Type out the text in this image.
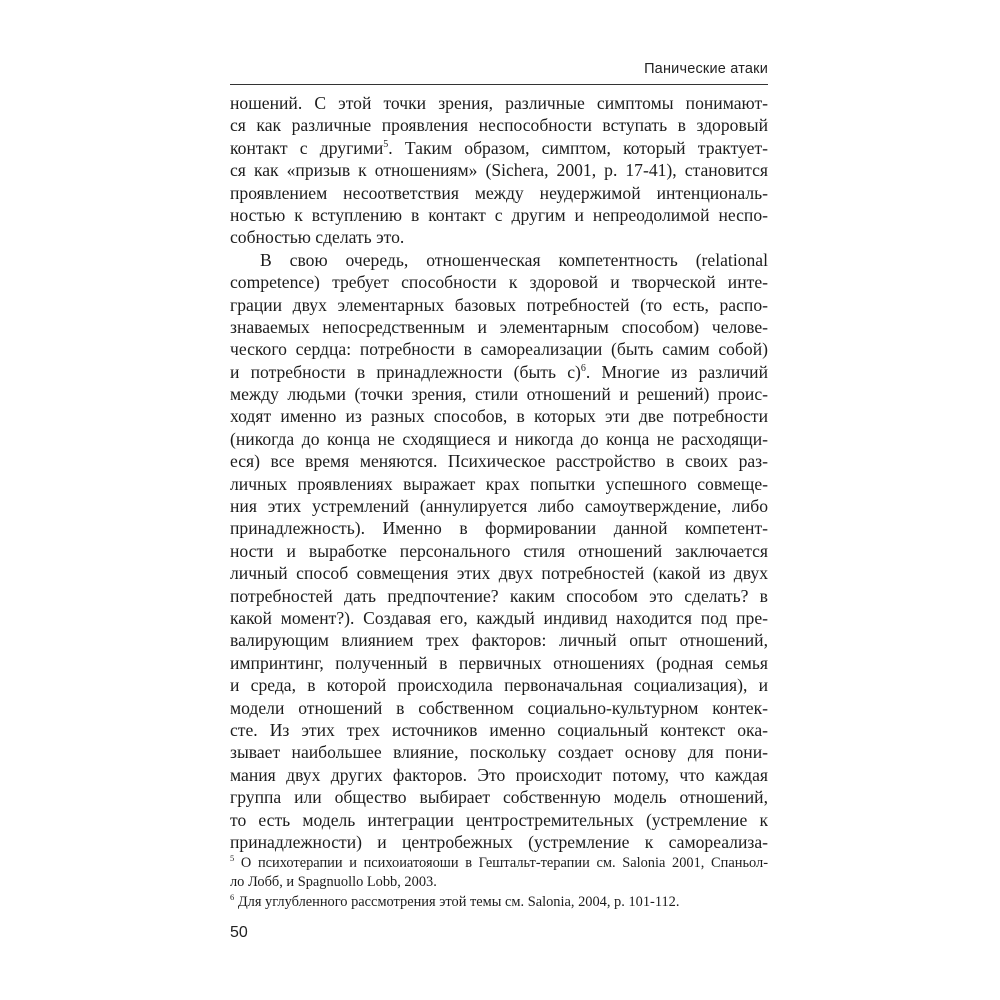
Панические атаки
ношений. С этой точки зрения, различные симптомы понимают-
ся как различные проявления неспособности вступать в здоровый
контакт с другими$^5$. Таким образом, симптом, который трактует-
ся как «призыв к отношениям» (Sichera, 2001, p. 17-41), становится
проявлением несоответствия между неудержимой интенциональ-
ностью к вступлению в контакт с другим и непреодолимой неспо-
собностью сделать это.
В свою очередь, отношенческая компетентность (relational
competence) требует способности к здоровой и творческой инте-
грации двух элементарных базовых потребностей (то есть, распо-
знаваемых непосредственным и элементарным способом) челове-
ческого сердца: потребности в самореализации (быть самим собой)
и потребности в принадлежности (быть с)$^6$. Многие из различий
между людьми (точки зрения, стили отношений и решений) проис-
ходят именно из разных способов, в которых эти две потребности
(никогда до конца не сходящиеся и никогда до конца не расходящи-
еся) все время меняются. Психическое расстройство в своих раз-
личных проявлениях выражает крах попытки успешного совмеще-
ния этих устремлений (аннулируется либо самоутверждение, либо
принадлежность). Именно в формировании данной компетент-
ности и выработке персонального стиля отношений заключается
личный способ совмещения этих двух потребностей (какой из двух
потребностей дать предпочтение? каким способом это сделать? в
какой момент?). Создавая его, каждый индивид находится под пре-
валирующим влиянием трех факторов: личный опыт отношений,
импринтинг, полученный в первичных отношениях (родная семья
и среда, в которой происходила первоначальная социализация), и
модели отношений в собственном социально-культурном контек-
сте. Из этих трех источников именно социальный контекст ока-
зывает наибольшее влияние, поскольку создает основу для пони-
мания двух других факторов. Это происходит потому, что каждая
группа или общество выбирает собственную модель отношений,
то есть модель интеграции центростремительных (устремление к
принадлежности) и центробежных (устремление к самореализа-
$^5$ О психотерапии и психоиатояоши в Гештальт-терапии см. Salonia 2001, Спаньол-
ло Лобб, и Spagnuollo Lobb, 2003.
$^6$ Для углубленного рассмотрения этой темы см. Salonia, 2004, p. 101-112.
50
